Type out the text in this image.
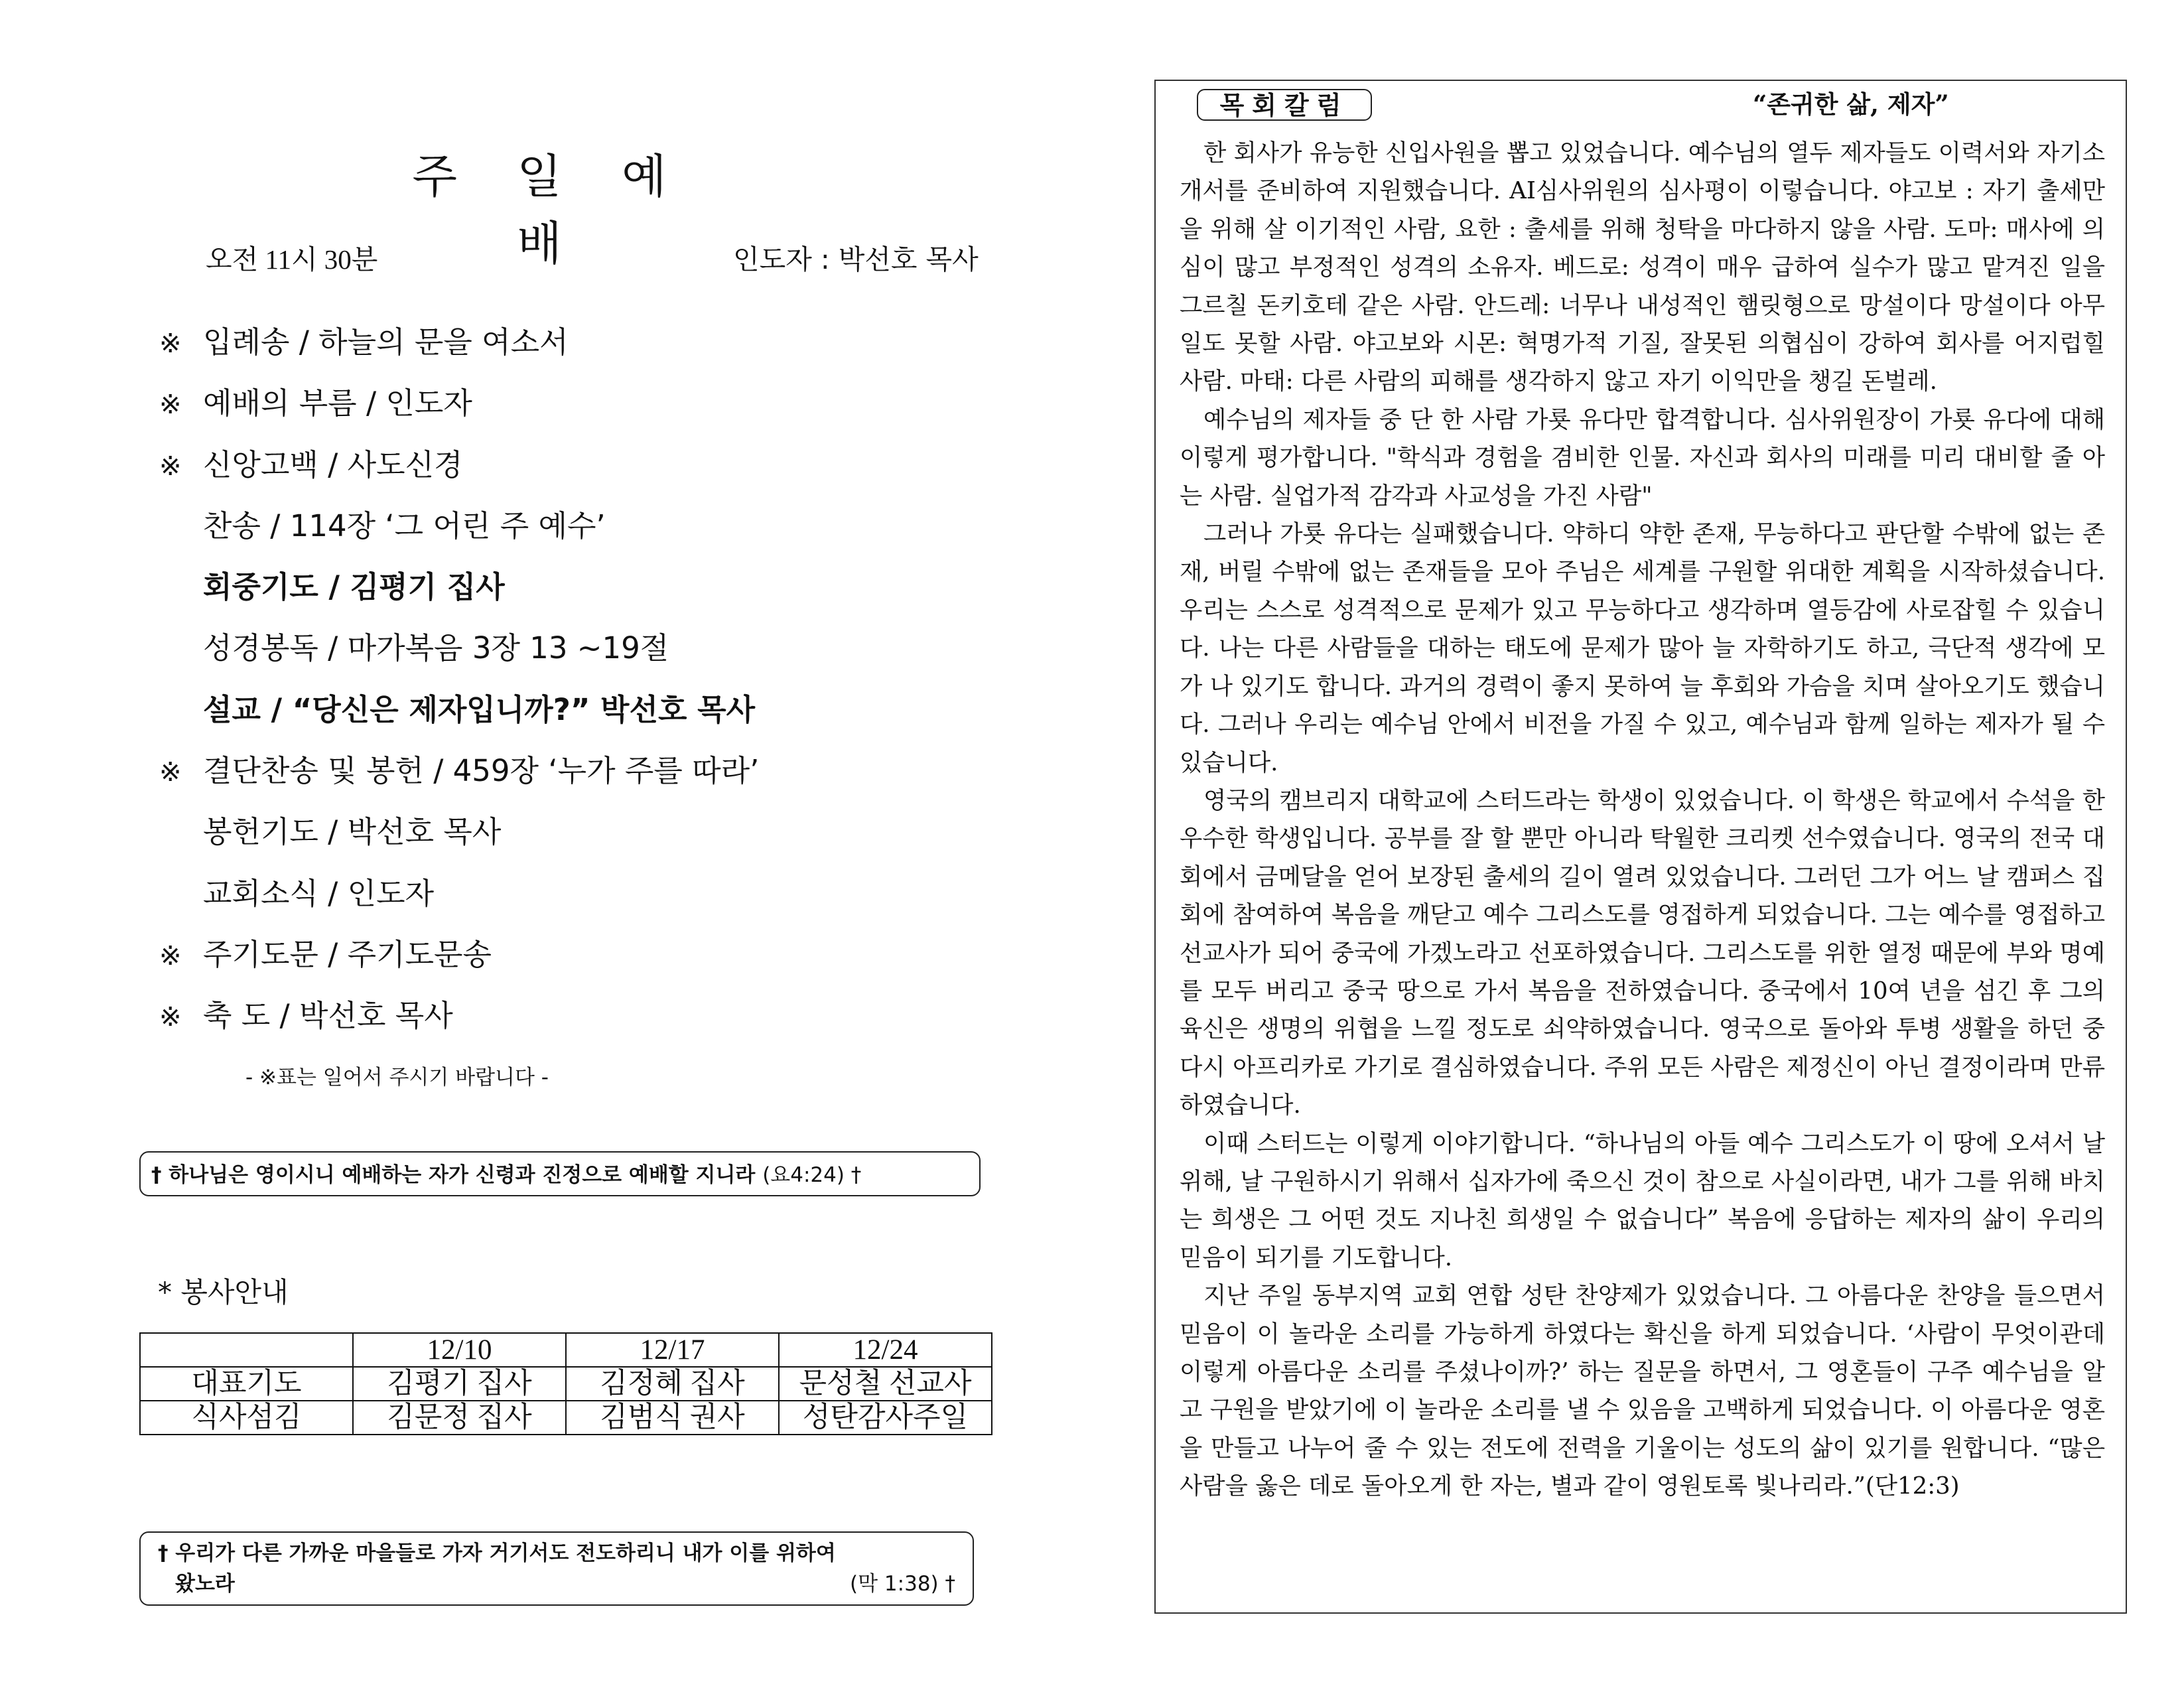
주 일 예 배
오전 11시 30분	인도자 : 박선호 목사
※ 입례송 / 하늘의 문을 여소서
※ 예배의 부름 / 인도자
※ 신앙고백 / 사도신경
찬송 / 114장 ‘그 어린 주 예수’
회중기도 / 김평기 집사
성경봉독 / 마가복음 3장 13 ~19절
설교 / “당신은 제자입니까?” 박선호 목사
※ 결단찬송 및 봉헌 / 459장 ‘누가 주를 따라’
봉헌기도 / 박선호 목사
교회소식 / 인도자
※ 주기도문 / 주기도문송
※ 축 도 / 박선호 목사
- ※표는 일어서 주시기 바랍니다 -
† 하나님은 영이시니 예배하는 자가 신령과 진정으로 예배할 지니라 (요4:24) †
* 봉사안내
	12/10	12/17	12/24
대표기도	김평기 집사	김정혜 집사	문성철 선교사
식사섬김	김문정 집사	김범식 권사	성탄감사주일
† 우리가 다른 가까운 마을들로 가자 거기서도 전도하리니 내가 이를 위하여
왔노라	(막 1:38) †
목회칼럼	“존귀한 삶, 제자”

한 회사가 유능한 신입사원을 뽑고 있었습니다. 예수님의 열두 제자들도 이력서와 자기소개서를 준비하여 지원했습니다. AI심사위원의 심사평이 이렇습니다. 야고보 : 자기 출세만을 위해 살 이기적인 사람, 요한 : 출세를 위해 청탁을 마다하지 않을 사람. 도마: 매사에 의심이 많고 부정적인 성격의 소유자. 베드로: 성격이 매우 급하여 실수가 많고 맡겨진 일을 그르칠 돈키호테 같은 사람. 안드레: 너무나 내성적인 햄릿형으로 망설이다 망설이다 아무 일도 못할 사람. 야고보와 시몬: 혁명가적 기질, 잘못된 의협심이 강하여 회사를 어지럽힐 사람. 마태: 다른 사람의 피해를 생각하지 않고 자기 이익만을 챙길 돈벌레.

예수님의 제자들 중 단 한 사람 가룟 유다만 합격합니다. 심사위원장이 가룟 유다에 대해 이렇게 평가합니다. "학식과 경험을 겸비한 인물. 자신과 회사의 미래를 미리 대비할 줄 아는 사람. 실업가적 감각과 사교성을 가진 사람"

그러나 가룟 유다는 실패했습니다. 약하디 약한 존재, 무능하다고 판단할 수밖에 없는 존재, 버릴 수밖에 없는 존재들을 모아 주님은 세계를 구원할 위대한 계획을 시작하셨습니다. 우리는 스스로 성격적으로 문제가 있고 무능하다고 생각하며 열등감에 사로잡힐 수 있습니다. 나는 다른 사람들을 대하는 태도에 문제가 많아 늘 자학하기도 하고, 극단적 생각에 모가 나 있기도 합니다. 과거의 경력이 좋지 못하여 늘 후회와 가슴을 치며 살아오기도 했습니다. 그러나 우리는 예수님 안에서 비전을 가질 수 있고, 예수님과 함께 일하는 제자가 될 수 있습니다.

영국의 캠브리지 대학교에 스터드라는 학생이 있었습니다. 이 학생은 학교에서 수석을 한 우수한 학생입니다. 공부를 잘 할 뿐만 아니라 탁월한 크리켓 선수였습니다. 영국의 전국 대회에서 금메달을 얻어 보장된 출세의 길이 열려 있었습니다. 그러던 그가 어느 날 캠퍼스 집회에 참여하여 복음을 깨닫고 예수 그리스도를 영접하게 되었습니다. 그는 예수를 영접하고 선교사가 되어 중국에 가겠노라고 선포하였습니다. 그리스도를 위한 열정 때문에 부와 명예를 모두 버리고 중국 땅으로 가서 복음을 전하였습니다. 중국에서 10여 년을 섬긴 후 그의 육신은 생명의 위협을 느낄 정도로 쇠약하였습니다. 영국으로 돌아와 투병 생활을 하던 중 다시 아프리카로 가기로 결심하였습니다. 주위 모든 사람은 제정신이 아닌 결정이라며 만류하였습니다.

이때 스터드는 이렇게 이야기합니다. “하나님의 아들 예수 그리스도가 이 땅에 오셔서 날 위해, 날 구원하시기 위해서 십자가에 죽으신 것이 참으로 사실이라면, 내가 그를 위해 바치는 희생은 그 어떤 것도 지나친 희생일 수 없습니다” 복음에 응답하는 제자의 삶이 우리의 믿음이 되기를 기도합니다.

지난 주일 동부지역 교회 연합 성탄 찬양제가 있었습니다. 그 아름다운 찬양을 들으면서 믿음이 이 놀라운 소리를 가능하게 하였다는 확신을 하게 되었습니다. ‘사람이 무엇이관데 이렇게 아름다운 소리를 주셨나이까?’ 하는 질문을 하면서, 그 영혼들이 구주 예수님을 알고 구원을 받았기에 이 놀라운 소리를 낼 수 있음을 고백하게 되었습니다. 이 아름다운 영혼을 만들고 나누어 줄 수 있는 전도에 전력을 기울이는 성도의 삶이 있기를 원합니다. “많은 사람을 옳은 데로 돌아오게 한 자는, 별과 같이 영원토록 빛나리라.”(단12:3)
